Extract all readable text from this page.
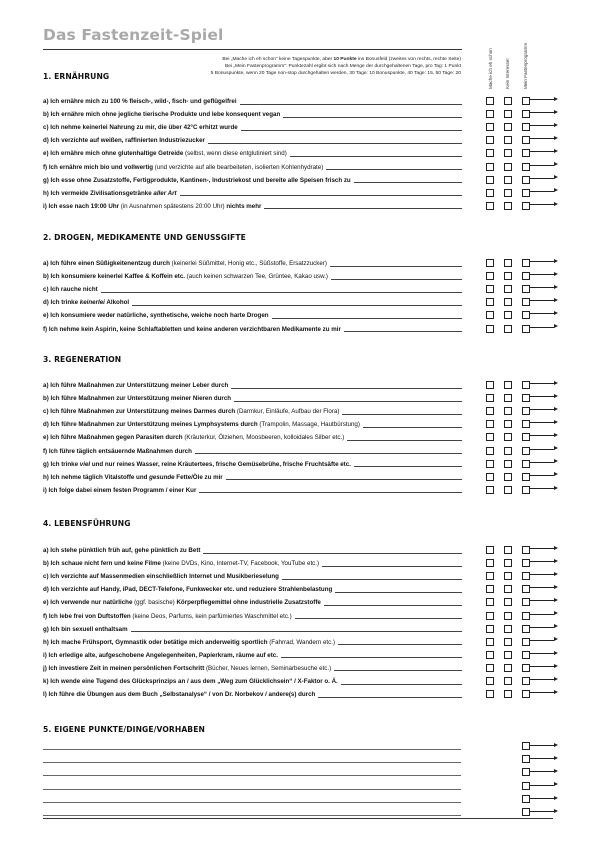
Das Fastenzeit-Spiel
Bei „Mache ich eh schon“ keine Tagespunkte, aber 10 Punkte ins Bonusfeld (zweites von rechts, rechte Seite)
Bei „Mein Fastenprogramm“: Punktezahl ergibt sich nach Menge der durchgehaltenen Tage, pro Tag: 1 Punkt
5 Bonuspunkte, wenn 20 Tage non-stop durchgehalten werden, 30 Tage: 10 Bonuspunkte, 40 Tage: 15, 50 Tage: 20	Mache ich eh schon	Kein Interesse!	Mein Fastenprogramm
1. ERNÄHRUNG
a) Ich ernähre mich zu 100 % fleisch-, wild-, fisch- und geflügelfrei
b) Ich ernähre mich ohne jegliche tierische Produkte und lebe konsequent vegan
c) Ich nehme keinerlei Nahrung zu mir, die über 42°C erhitzt wurde
d) Ich verzichte auf weißen, raffinierten Industriezucker
e) Ich ernähre mich ohne glutenhaltige Getreide (selbst, wenn diese entglutiniert sind)
f) Ich ernähre mich bio und vollwertig (und verzichte auf alle bearbeiteten, isolierten Kohlenhydrate)
g) Ich esse ohne Zusatzstoffe, Fertigprodukte, Kantinen-, Industriekost und bereite alle Speisen frisch zu
h) Ich vermeide Zivilisationsgetränke aller Art
i) Ich esse nach 19:00 Uhr (in Ausnahmen spätestens 20:00 Uhr) nichts mehr
2. DROGEN, MEDIKAMENTE UND GENUSSGIFTE
a) Ich führe einen Süßigkeitenentzug durch (keinerlei Süßmittel, Honig etc., Süßstoffe, Ersatzzucker)
b) Ich konsumiere keinerlei Kaffee & Koffein etc. (auch keinen schwarzen Tee, Grüntee, Kakao usw.)
c) Ich rauche nicht
d) Ich trinke keinerlei Alkohol
e) Ich konsumiere weder natürliche, synthetische, weiche noch harte Drogen
f) Ich nehme kein Aspirin, keine Schlaftabletten und keine anderen verzichtbaren Medikamente zu mir
3. REGENERATION
a) Ich führe Maßnahmen zur Unterstützung meiner Leber durch
b) Ich führe Maßnahmen zur Unterstützung meiner Nieren durch
c) Ich führe Maßnahmen zur Unterstützung meines Darmes durch (Darmkur, Einläufe, Aufbau der Flora)
d) Ich führe Maßnahmen zur Unterstützung meines Lymphsystems durch (Trampolin, Massage, Hautbürstung)
e) Ich führe Maßnahmen gegen Parasiten durch (Kräuterkur, Ölziehen, Moosbeeren, kolloidales Silber etc.)
f) Ich führe täglich entsäuernde Maßnahmen durch
g) Ich trinke viel und nur reines Wasser, reine Kräutertees, frische Gemüsebrühe, frische Fruchtsäfte etc.
h) Ich nehme täglich Vitalstoffe und gesunde Fette/Öle zu mir
i) Ich folge dabei einem festen Programm / einer Kur
4. LEBENSFÜHRUNG
a) Ich stehe pünktlich früh auf, gehe pünktlich zu Bett
b) Ich schaue nicht fern und keine Filme (keine DVDs, Kino, Internet-TV, Facebook, YouTube etc.)
c) Ich verzichte auf Massenmedien einschließlich Internet und Musikberieselung
d) Ich verzichte auf Handy, iPad, DECT-Telefone, Funkwecker etc. und reduziere Strahlenbelastung
e) Ich verwende nur natürliche (ggf. basische) Körperpflegemittel ohne industrielle Zusatzstoffe
f) Ich lebe frei von Duftstoffen (keine Deos, Parfums, kein parfümiertes Waschmittel etc.)
g) Ich bin sexuell enthaltsam
h) Ich mache Frühsport, Gymnastik oder betätige mich anderweitig sportlich (Fahrrad, Wandern etc.)
i) Ich erledige alte, aufgeschobene Angelegenheiten, Papierkram, räume auf etc.
j) Ich investiere Zeit in meinen persönlichen Fortschritt (Bücher, Neues lernen, Seminarbesuche etc.)
k) Ich wende eine Tugend des Glücksprinzips an / aus dem „Weg zum Glücklichsein“ / X-Faktor o. Ä.
l) Ich führe die Übungen aus dem Buch „Selbstanalyse“ / von Dr. Norbekov / andere(s) durch
5. EIGENE PUNKTE/DINGE/VORHABEN
